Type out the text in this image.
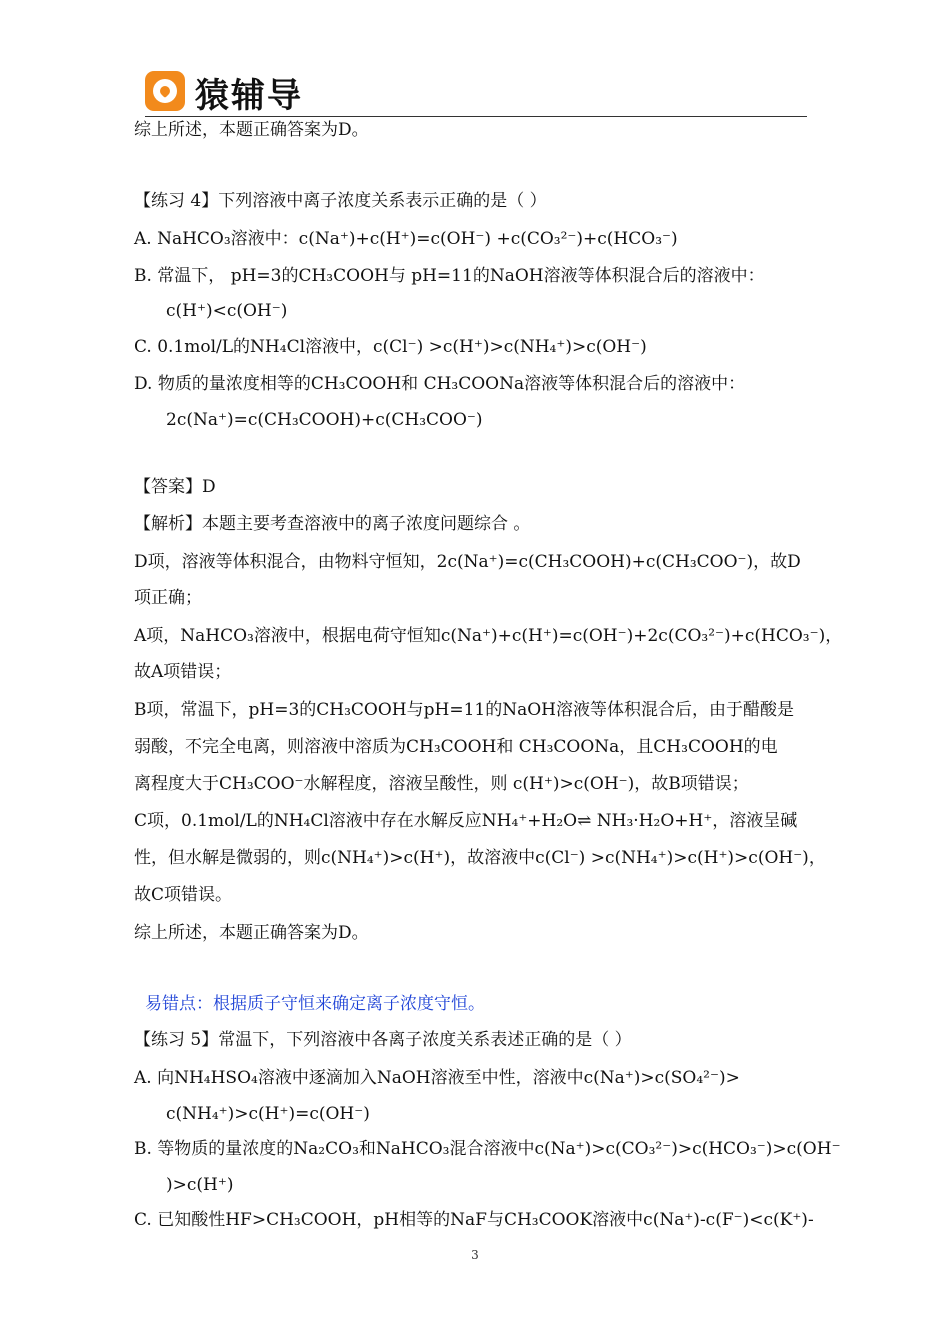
猿辅导
综上所述，本题正确答案为D。
【练习 4】下列溶液中离子浓度关系表示正确的是（ ）
A. NaHCO₃溶液中：c(Na⁺)+c(H⁺)=c(OH⁻) +c(CO₃²⁻)+c(HCO₃⁻)
B. 常温下， pH=3的CH₃COOH与 pH=11的NaOH溶液等体积混合后的溶液中：
c(H⁺)<c(OH⁻)
C. 0.1mol/L的NH₄Cl溶液中，c(Cl⁻) >c(H⁺)>c(NH₄⁺)>c(OH⁻)
D. 物质的量浓度相等的CH₃COOH和 CH₃COONa溶液等体积混合后的溶液中：
2c(Na⁺)=c(CH₃COOH)+c(CH₃COO⁻)
【答案】D
【解析】本题主要考查溶液中的离子浓度问题综合 。
D项，溶液等体积混合，由物料守恒知，2c(Na⁺)=c(CH₃COOH)+c(CH₃COO⁻)，故D
项正确；
A项，NaHCO₃溶液中，根据电荷守恒知c(Na⁺)+c(H⁺)=c(OH⁻)+2c(CO₃²⁻)+c(HCO₃⁻)，
故A项错误；
B项，常温下，pH=3的CH₃COOH与pH=11的NaOH溶液等体积混合后，由于醋酸是
弱酸，不完全电离，则溶液中溶质为CH₃COOH和 CH₃COONa，且CH₃COOH的电
离程度大于CH₃COO⁻水解程度，溶液呈酸性，则 c(H⁺)>c(OH⁻)，故B项错误；
C项，0.1mol/L的NH₄Cl溶液中存在水解反应NH₄⁺+H₂O⇌ NH₃·H₂O+H⁺，溶液呈碱
性，但水解是微弱的，则c(NH₄⁺)>c(H⁺)，故溶液中c(Cl⁻) >c(NH₄⁺)>c(H⁺)>c(OH⁻)，
故C项错误。
综上所述，本题正确答案为D。
易错点：根据质子守恒来确定离子浓度守恒。
【练习 5】常温下，下列溶液中各离子浓度关系表述正确的是（ ）
A. 向NH₄HSO₄溶液中逐滴加入NaOH溶液至中性，溶液中c(Na⁺)>c(SO₄²⁻)>
c(NH₄⁺)>c(H⁺)=c(OH⁻)
B. 等物质的量浓度的Na₂CO₃和NaHCO₃混合溶液中c(Na⁺)>c(CO₃²⁻)>c(HCO₃⁻)>c(OH⁻
)>c(H⁺)
C. 已知酸性HF>CH₃COOH，pH相等的NaF与CH₃COOK溶液中c(Na⁺)-c(F⁻)<c(K⁺)-
3
